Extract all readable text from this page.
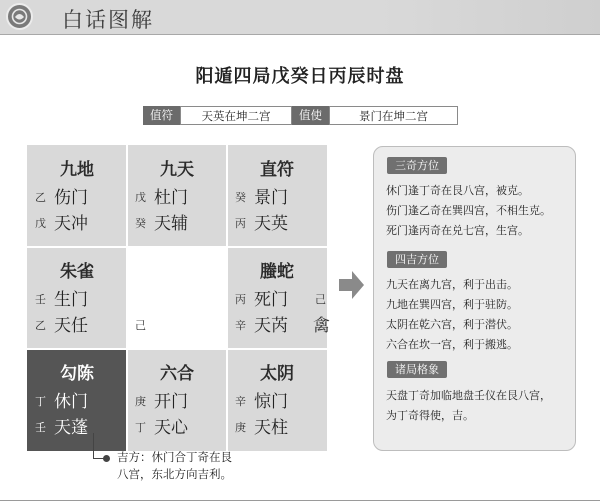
白话图解
阳遁四局戊癸日丙辰时盘
值符	天英在坤二宫	值使	景门在坤二宫
九地
乙 伤门
戊 天冲
九天
戊 杜门
癸 天辅
直符
癸 景门
丙 天英
朱雀
壬 生门
乙 天任	己
螣蛇
丙 死门 己
辛 天芮 禽
勾陈
丁 休门
壬 天蓬
六合
庚 开门
丁 天心
太阴
辛 惊门
庚 天柱
三奇方位
休门逢丁奇在艮八宫，被克。
伤门逢乙奇在巽四宫，不相生克。
死门逢丙奇在兑七宫，生宫。
四吉方位
九天在离九宫，利于出击。
九地在巽四宫，利于驻防。
太阴在乾六宫，利于潜伏。
六合在坎一宫，利于搬逃。
诸局格象
天盘丁奇加临地盘壬仪在艮八宫，
为丁奇得使，吉。
吉方：休门合丁奇在艮
八宫，东北方向吉利。
